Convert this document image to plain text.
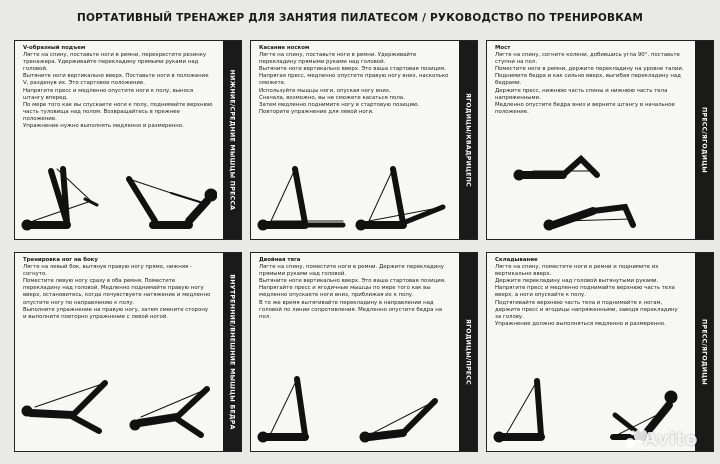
ПОРТАТИВНЫЙ ТРЕНАЖЕР ДЛЯ ЗАНЯТИЯ ПИЛАТЕСОМ / РУКОВОДСТВО ПО ТРЕНИРОВКАМ
V-образный подъем
Лягте на спину, поставьте ноги в ремни, перекрестите резинку тренажера. Удерживайте перекладину прямыми руками над головой.
Вытяните ноги вертикально вверх. Поставьте ноги в положение V, разденув их. Это стартовое положение.
Напрягите пресс и медленно опустите ноги к полу, вынося штангу вперед.
По мере того как вы спускаете ноги к полу, поднимайте верхнюю часть туловища над полом. Возвращайтесь в прежнее положение.
Упражнение нужно выполнять медленно и размеренно.	НИЖНИЕ/СРЕДНИЕ МЫШЦЫ ПРЕССА
Касание носком
Лягте на спину, поставьте ноги в ремни. Удерживайте перекладину прямыми руками над головой.
Вытяните ноги вертикально вверх. Это ваша стартовая позиция.
Напрягая пресс, медленно опустите правую ногу вниз, насколько сможете.
Используйте мышцы ноги, опуская ногу вниз.
Сначала, возможно, вы не сможете касаться пола.
Затем медленно поднимите ногу в стартовую позицию. Повторите упражнение для левой ноги.	ЯГОДИЦЫ/КВАДРИЦЕПС
Мост
Лягте на спину, согните колени, добившись угла 90°, поставьте ступни на пол.
Поместите ноги в ремни, держите перекладину на уровне талии.
Поднимите бедра и как сильно вверх, выгибая перекладину над бедрами.
Держите пресс, нижнюю часть спины и нижнюю часть тела напряженными.
Медленно опустите бедра вниз и верните штангу в начальное положение.	ПРЕСС/ЯГОДИЦЫ
Тренировка ног на боку
Лягте на левый бок, вытянув правую ногу прямо, нижняя - согнуто.
Поместите левую ногу сразу в оба ремня. Поместите перекладину над головой. Медленно поднимайте правую ногу вверх, остановитесь, когда почувствуете натяжение и медленно опустите ногу по направлению к полу.
Выполните упражнение на правую ногу, затем смените сторону и выполните повторно упражнение с левой ногой.	ВНУТРЕННИЕ/ВНЕШНИЕ МЫШЦЫ БЕДРА
Двойная тяга
Лягте на спину, поместите ноги в ремни. Держите перекладину прямыми руками над головой.
Вытяните ноги вертикально вверх. Это ваша стартовая позиция.
Напрягайте пресс и ягодичные мышцы по мере того как вы медленно опускаете ноги вниз, приближая их к полу.
В то же время вытягивайте перекладину в направлении над головой по линии сопротивления. Медленно опустите бедра на пол.
ЯГОДИЦЫ/ПРЕСС
Складывание
Лягте на спину, поместите ноги в ремни и поднимите их вертикально вверх.
Держите перекладину над головой вытянутыми руками.
Напрягите пресс и медленно поднимайте верхнюю часть тела вверх, а ноги опускайте к полу.
Подтягивайте верхнюю часть тела и поднимайте к ногам, держите пресс и ягодицы напряженными, заводя перекладину за голову.
Упражнение должно выполняться медленно и размеренно.	ПРЕСС/ЯГОДИЦЫ
Avito
